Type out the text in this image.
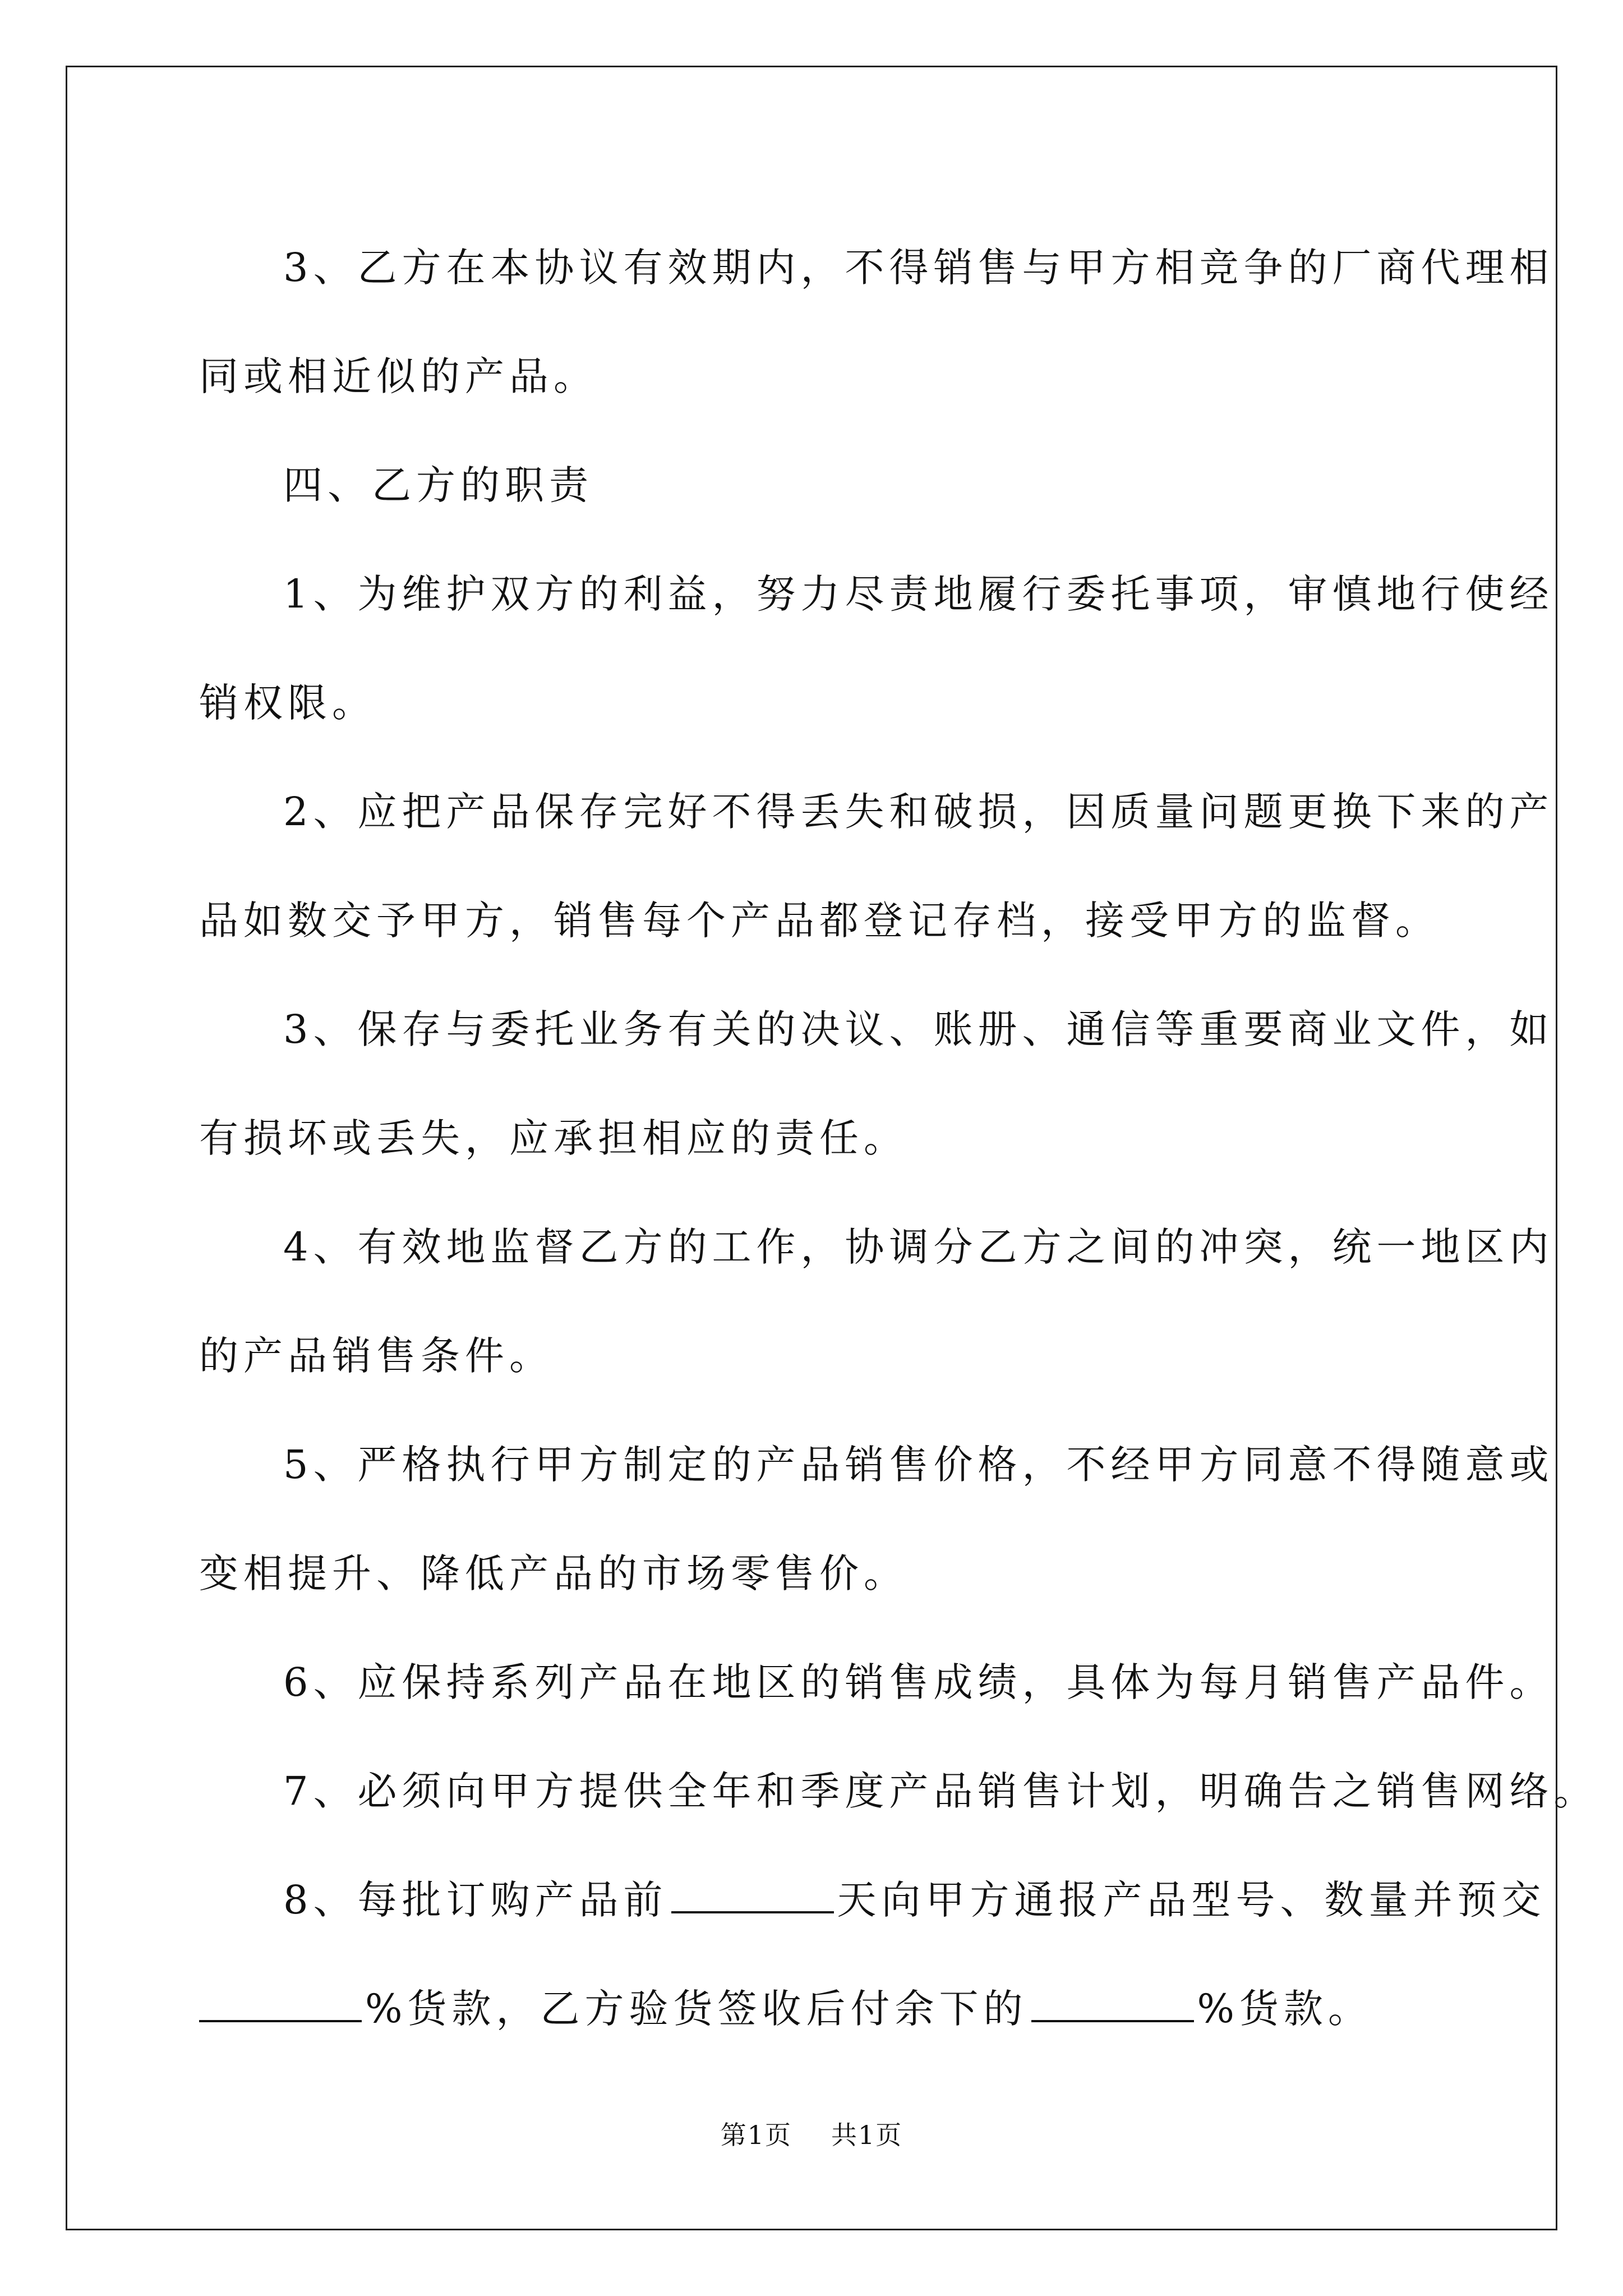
3、乙方在本协议有效期内，不得销售与甲方相竞争的厂商代理相
同或相近似的产品。

四、乙方的职责

1、为维护双方的利益，努力尽责地履行委托事项，审慎地行使经
销权限。

2、应把产品保存完好不得丢失和破损，因质量问题更换下来的产
品如数交予甲方，销售每个产品都登记存档，接受甲方的监督。

3、保存与委托业务有关的决议、账册、通信等重要商业文件，如
有损坏或丢失，应承担相应的责任。

4、有效地监督乙方的工作，协调分乙方之间的冲突，统一地区内
的产品销售条件。

5、严格执行甲方制定的产品销售价格，不经甲方同意不得随意或
变相提升、降低产品的市场零售价。

6、应保持系列产品在地区的销售成绩，具体为每月销售产品件。

7、必须向甲方提供全年和季度产品销售计划，明确告之销售网络。

8、每批订购产品前	天向甲方通报产品型号、数量并预交
%货款，乙方验货签收后付余下的	%货款。

第1页 共1页
